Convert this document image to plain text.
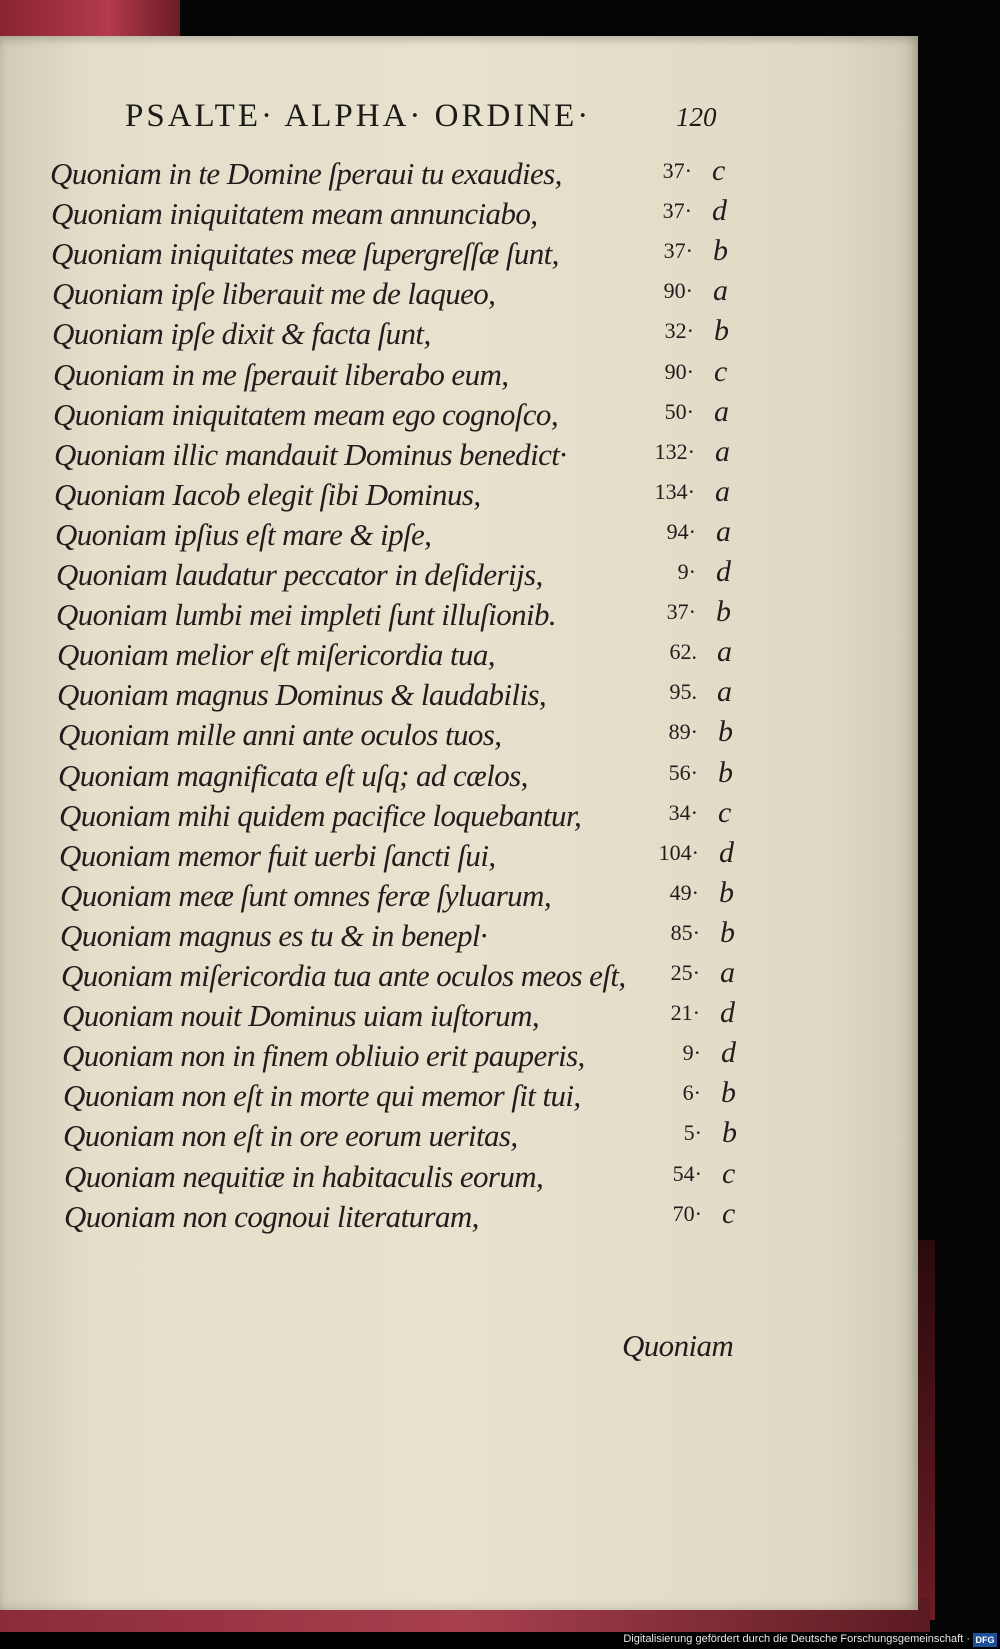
PSALTE· ALPHA· ORDINE·	120
Quoniam in te Domine ſperaui tu exaudies,	37· c
Quoniam iniquitatem meam annunciabo,	37· d
Quoniam iniquitates meæ ſupergreſſæ ſunt,	37· b
Quoniam ipſe liberauit me de laqueo,	90· a
Quoniam ipſe dixit & facta ſunt,	32· b
Quoniam in me ſperauit liberabo eum,	90· c
Quoniam iniquitatem meam ego cognoſco,	50· a
Quoniam illic mandauit Dominus benedict·	132· a
Quoniam Iacob elegit ſibi Dominus,	134· a
Quoniam ipſius eſt mare & ipſe,	94· a
Quoniam laudatur peccator in deſiderijs,	9· d
Quoniam lumbi mei impleti ſunt illuſionib.	37· b
Quoniam melior eſt miſericordia tua,	62. a
Quoniam magnus Dominus & laudabilis,	95. a
Quoniam mille anni ante oculos tuos,	89· b
Quoniam magnificata eſt uſq; ad cælos,	56· b
Quoniam mihi quidem pacifice loquebantur,	34· c
Quoniam memor fuit uerbi ſancti ſui,	104· d
Quoniam meæ ſunt omnes feræ ſyluarum,	49· b
Quoniam magnus es tu & in benepl·	85· b
Quoniam miſericordia tua ante oculos meos eſt,	25· a
Quoniam nouit Dominus uiam iuſtorum,	21· d
Quoniam non in finem obliuio erit pauperis,	9· d
Quoniam non eſt in morte qui memor ſit tui,	6· b
Quoniam non eſt in ore eorum ueritas,	5· b
Quoniam nequitiæ in habitaculis eorum,	54· c
Quoniam non cognoui literaturam,	70· c
Quoniam
Digitalisierung gefördert durch die Deutsche Forschungsgemeinschaft · DFG
